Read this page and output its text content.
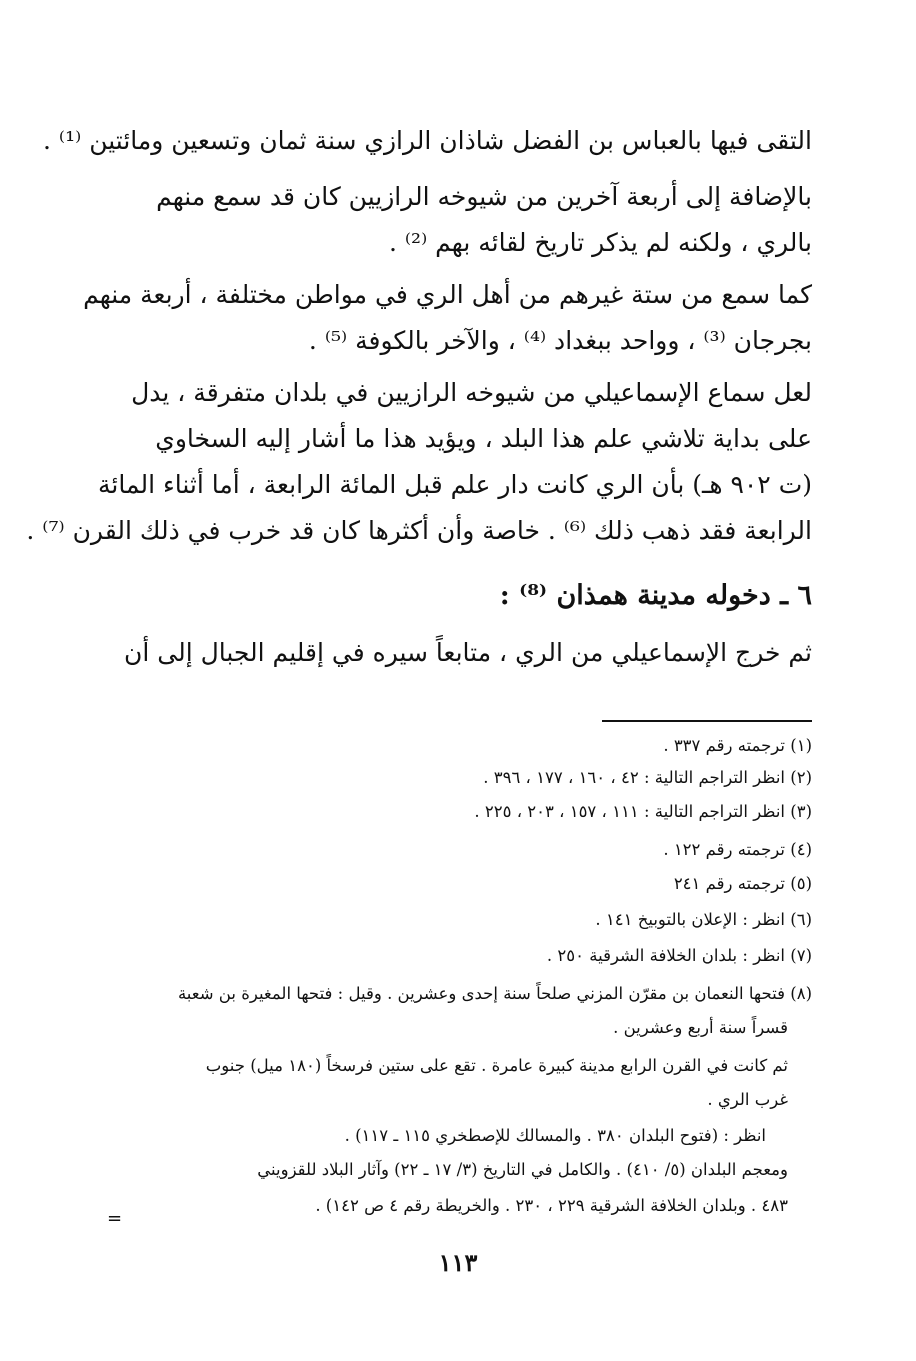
التقى فيها بالعباس بن الفضل شاذان الرازي سنة ثمان وتسعين ومائتين ⁽¹⁾ .
بالإضافة إلى أربعة آخرين من شيوخه الرازيين كان قد سمع منهم
بالري ، ولكنه لم يذكر تاريخ لقائه بهم ⁽²⁾ .
كما سمع من ستة غيرهم من أهل الري في مواطن مختلفة ، أربعة منهم
بجرجان ⁽³⁾ ، وواحد ببغداد ⁽⁴⁾ ، والآخر بالكوفة ⁽⁵⁾ .
لعل سماع الإسماعيلي من شيوخه الرازيين في بلدان متفرقة ، يدل
على بداية تلاشي علم هذا البلد ، ويؤيد هذا ما أشار إليه السخاوي
(ت ٩٠٢ هـ) بأن الري كانت دار علم قبل المائة الرابعة ، أما أثناء المائة
الرابعة فقد ذهب ذلك ⁽⁶⁾ . خاصة وأن أكثرها كان قد خرب في ذلك القرن ⁽⁷⁾ .
٦ ـ دخوله مدينة همذان ⁽⁸⁾ :
ثم خرج الإسماعيلي من الري ، متابعاً سيره في إقليم الجبال إلى أن
(١) ترجمته رقم ٣٣٧ .
(٢) انظر التراجم التالية : ٤٢ ، ١٦٠ ، ١٧٧ ، ٣٩٦ .
(٣) انظر التراجم التالية : ١١١ ، ١٥٧ ، ٢٠٣ ، ٢٢٥ .
(٤) ترجمته رقم ١٢٢ .
(٥) ترجمته رقم ٢٤١
(٦) انظر : الإعلان بالتوبيخ ١٤١ .
(٧) انظر : بلدان الخلافة الشرقية ٢٥٠ .
(٨) فتحها النعمان بن مقرّن المزني صلحاً سنة إحدى وعشرين . وقيل : فتحها المغيرة بن شعبة
قسراً سنة أربع وعشرين .
ثم كانت في القرن الرابع مدينة كبيرة عامرة . تقع على ستين فرسخاً (١٨٠ ميل) جنوب
غرب الري .
انظر : (فتوح البلدان ٣٨٠ . والمسالك للإصطخري ١١٥ ـ ١١٧) .
ومعجم البلدان (٥/ ٤١٠) . والكامل في التاريخ (٣/ ١٧ ـ ٢٢) وآثار البلاد للقزويني
٤٨٣ . وبلدان الخلافة الشرقية ٢٢٩ ، ٢٣٠ . والخريطة رقم ٤ ص ١٤٢) .
=
١١٣
